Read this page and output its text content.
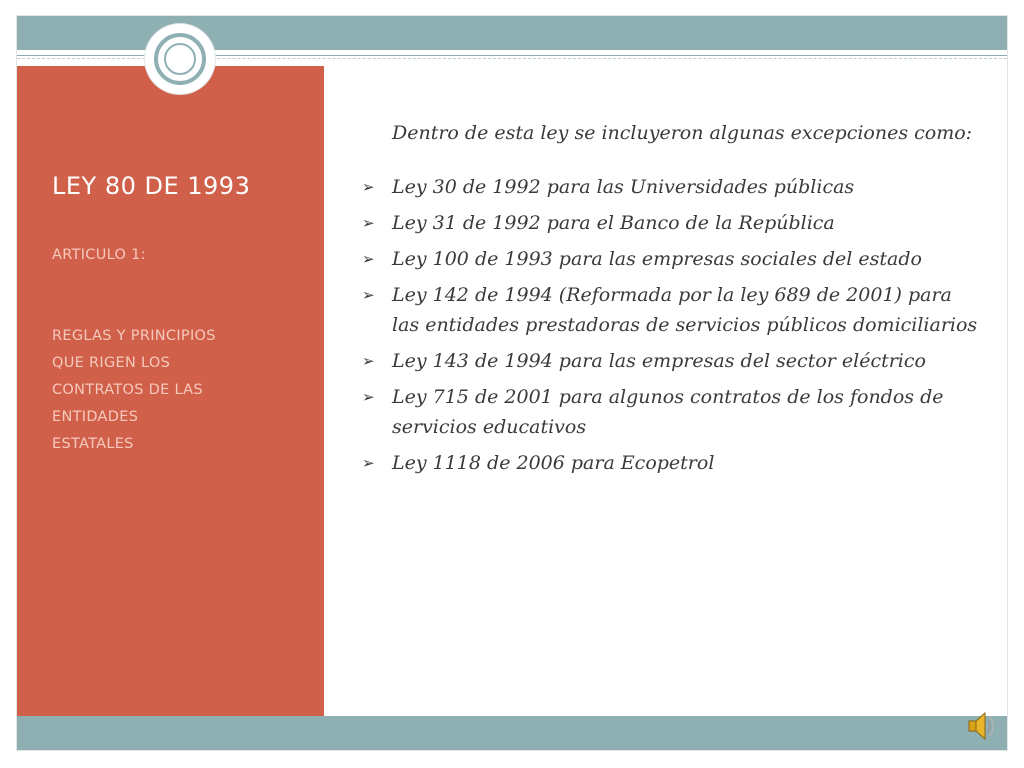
LEY 80 DE 1993
ARTICULO 1:
REGLAS Y PRINCIPIOS
QUE RIGEN LOS
CONTRATOS DE LAS
ENTIDADES
ESTATALES

Dentro de esta ley se incluyeron algunas excepciones como:

➢ Ley 30 de 1992 para las Universidades públicas
➢ Ley 31 de 1992 para el Banco de la República
➢ Ley 100 de 1993 para las empresas sociales del estado
➢ Ley 142 de 1994 (Reformada por la ley 689 de 2001) para las entidades prestadoras de servicios públicos domiciliarios
➢ Ley 143 de 1994 para las empresas del sector eléctrico
➢ Ley 715 de 2001 para algunos contratos de los fondos de servicios educativos
➢ Ley 1118 de 2006 para Ecopetrol
